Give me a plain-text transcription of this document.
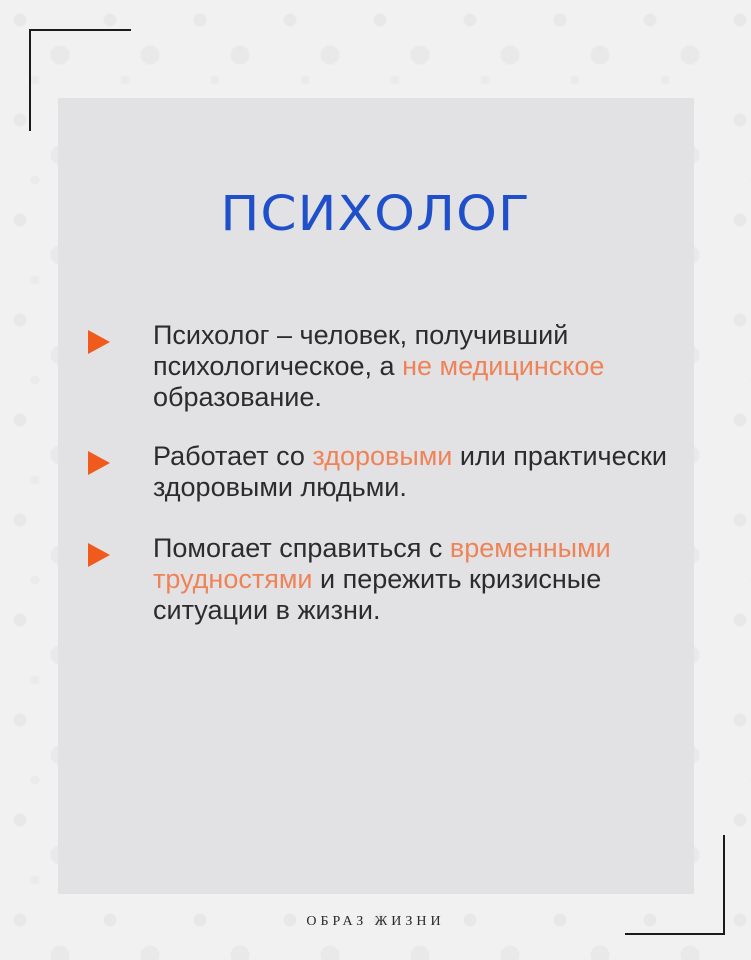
ПСИХОЛОГ
Психолог – человек, получивший психологическое, а не медицинское образование.
Работает со здоровыми или практически здоровыми людьми.
Помогает справиться с временными трудностями и пережить кризисные ситуации в жизни.
ОБРАЗ ЖИЗНИ
